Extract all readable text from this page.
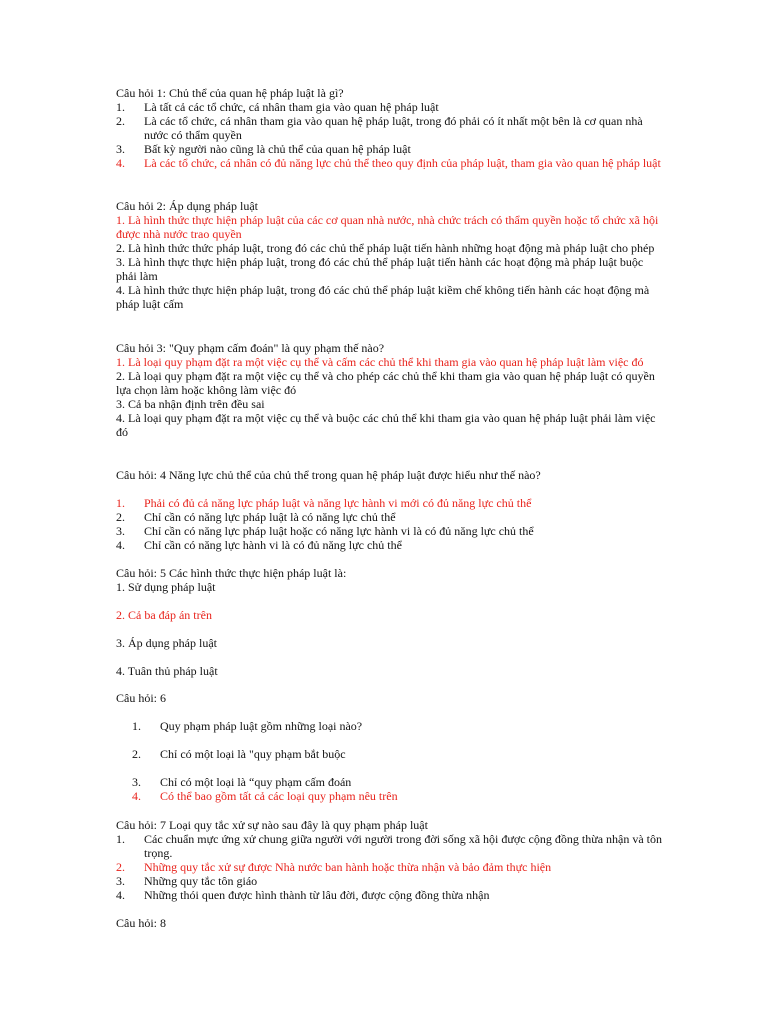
Câu hỏi 1: Chủ thể của quan hệ pháp luật là gì?
1.	Là tất cả các tổ chức, cá nhân tham gia vào quan hệ pháp luật
2.	Là các tổ chức, cá nhân tham gia vào quan hệ pháp luật, trong đó phải có ít nhất một bên là cơ quan nhà nước có thẩm quyền
3.	Bất kỳ người nào cũng là chủ thể của quan hệ pháp luật
4.	Là các tổ chức, cá nhân có đủ năng lực chủ thể theo quy định của pháp luật, tham gia vào quan hệ pháp luật
Câu hỏi 2: Áp dụng pháp luật
1. Là hình thức thực hiện pháp luật của các cơ quan nhà nước, nhà chức trách có thẩm quyền hoặc tổ chức xã hội được nhà nước trao quyền
2. Là hình thức thức pháp luật, trong đó các chủ thể pháp luật tiến hành những hoạt động mà pháp luật cho phép
3. Là hình thực thực hiện pháp luật, trong đó các chủ thể pháp luật tiến hành các hoạt động mà pháp luật buộc phải làm
4. Là hình thức thực hiện pháp luật, trong đó các chủ thể pháp luật kiềm chế không tiến hành các hoạt động mà pháp luật cấm
Câu hỏi 3: "Quy phạm cấm đoán" là quy phạm thế nào?
1. Là loại quy phạm đặt ra một việc cụ thể và cấm các chủ thể khi tham gia vào quan hệ pháp luật làm việc đó
2. Là loại quy phạm đặt ra một việc cụ thể và cho phép các chủ thể khi tham gia vào quan hệ pháp luật có quyền lựa chọn làm hoặc không làm việc đó
3. Cả ba nhận định trên đều sai
4. Là loại quy phạm đặt ra một việc cụ thể và buộc các chủ thể khi tham gia vào quan hệ pháp luật phải làm việc đó
Câu hỏi: 4 Năng lực chủ thể của chủ thể trong quan hệ pháp luật được hiểu như thế nào?
1.	Phải có đủ cả năng lực pháp luật và năng lực hành vi mới có đủ năng lực chủ thể
2.	Chỉ cần có năng lực pháp luật là có năng lực chủ thể
3.	Chỉ cần có năng lực pháp luật hoặc có năng lực hành vi là có đủ năng lực chủ thể
4.	Chỉ cần có năng lực hành vi là có đủ năng lực chủ thể
Câu hỏi: 5 Các hình thức thực hiện pháp luật là:
1. Sử dụng pháp luật
2. Cả ba đáp án trên
3. Áp dụng pháp luật
4. Tuân thủ pháp luật
Câu hỏi: 6
1.	Quy phạm pháp luật gồm những loại nào?
2.	Chỉ có một loại là "quy phạm bắt buộc
3.	Chỉ có một loại là “quy phạm cấm đoán
4.	Có thể bao gồm tất cả các loại quy phạm nêu trên
Câu hỏi: 7 Loại quy tắc xử sự nào sau đây là quy phạm pháp luật
1.	Các chuẩn mực ứng xử chung giữa người với người trong đời sống xã hội được cộng đồng thừa nhận và tôn trọng.
2.	Những quy tắc xử sự được Nhà nước ban hành hoặc thừa nhận và bảo đảm thực hiện
3.	Những quy tắc tôn giáo
4.	Những thói quen được hình thành từ lâu đời, được cộng đồng thừa nhận
Câu hỏi: 8
